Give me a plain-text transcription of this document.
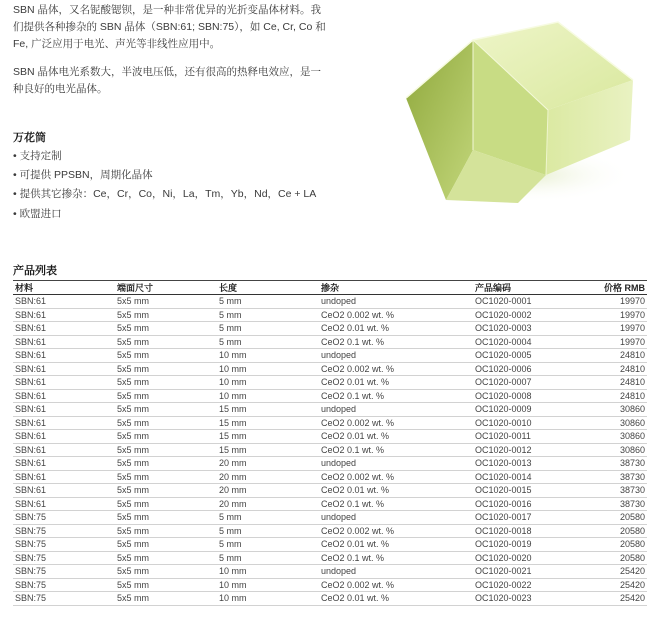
SBN 晶体，又名铌酸锶钡，是一种非常优异的光折变晶体材料。我们提供各种掺杂的 SBN 晶体（SBN:61; SBN:75），如 Ce, Cr, Co 和 Fe, 广泛应用于电光、声光等非线性应用中。

SBN 晶体电光系数大，半波电压低，还有很高的热释电效应，是一种良好的电光晶体。

万花筒
• 支持定制
• 可提供 PPSBN，周期化晶体
• 提供其它掺杂：Ce，Cr，Co，Ni，La，Tm，Yb，Nd，Ce + LA
• 欧盟进口
产品列表
材料	端面尺寸	长度	掺杂	产品编码	价格 RMB
SBN:61	5x5 mm	5 mm	undoped	OC1020-0001	19970
SBN:61	5x5 mm	5 mm	CeO2 0.002 wt. %	OC1020-0002	19970
SBN:61	5x5 mm	5 mm	CeO2 0.01 wt. %	OC1020-0003	19970
SBN:61	5x5 mm	5 mm	CeO2 0.1 wt. %	OC1020-0004	19970
SBN:61	5x5 mm	10 mm	undoped	OC1020-0005	24810
SBN:61	5x5 mm	10 mm	CeO2 0.002 wt. %	OC1020-0006	24810
SBN:61	5x5 mm	10 mm	CeO2 0.01 wt. %	OC1020-0007	24810
SBN:61	5x5 mm	10 mm	CeO2 0.1 wt. %	OC1020-0008	24810
SBN:61	5x5 mm	15 mm	undoped	OC1020-0009	30860
SBN:61	5x5 mm	15 mm	CeO2 0.002 wt. %	OC1020-0010	30860
SBN:61	5x5 mm	15 mm	CeO2 0.01 wt. %	OC1020-0011	30860
SBN:61	5x5 mm	15 mm	CeO2 0.1 wt. %	OC1020-0012	30860
SBN:61	5x5 mm	20 mm	undoped	OC1020-0013	38730
SBN:61	5x5 mm	20 mm	CeO2 0.002 wt. %	OC1020-0014	38730
SBN:61	5x5 mm	20 mm	CeO2 0.01 wt. %	OC1020-0015	38730
SBN:61	5x5 mm	20 mm	CeO2 0.1 wt. %	OC1020-0016	38730
SBN:75	5x5 mm	5 mm	undoped	OC1020-0017	20580
SBN:75	5x5 mm	5 mm	CeO2 0.002 wt. %	OC1020-0018	20580
SBN:75	5x5 mm	5 mm	CeO2 0.01 wt. %	OC1020-0019	20580
SBN:75	5x5 mm	5 mm	CeO2 0.1 wt. %	OC1020-0020	20580
SBN:75	5x5 mm	10 mm	undoped	OC1020-0021	25420
SBN:75	5x5 mm	10 mm	CeO2 0.002 wt. %	OC1020-0022	25420
SBN:75	5x5 mm	10 mm	CeO2 0.01 wt. %	OC1020-0023	25420
